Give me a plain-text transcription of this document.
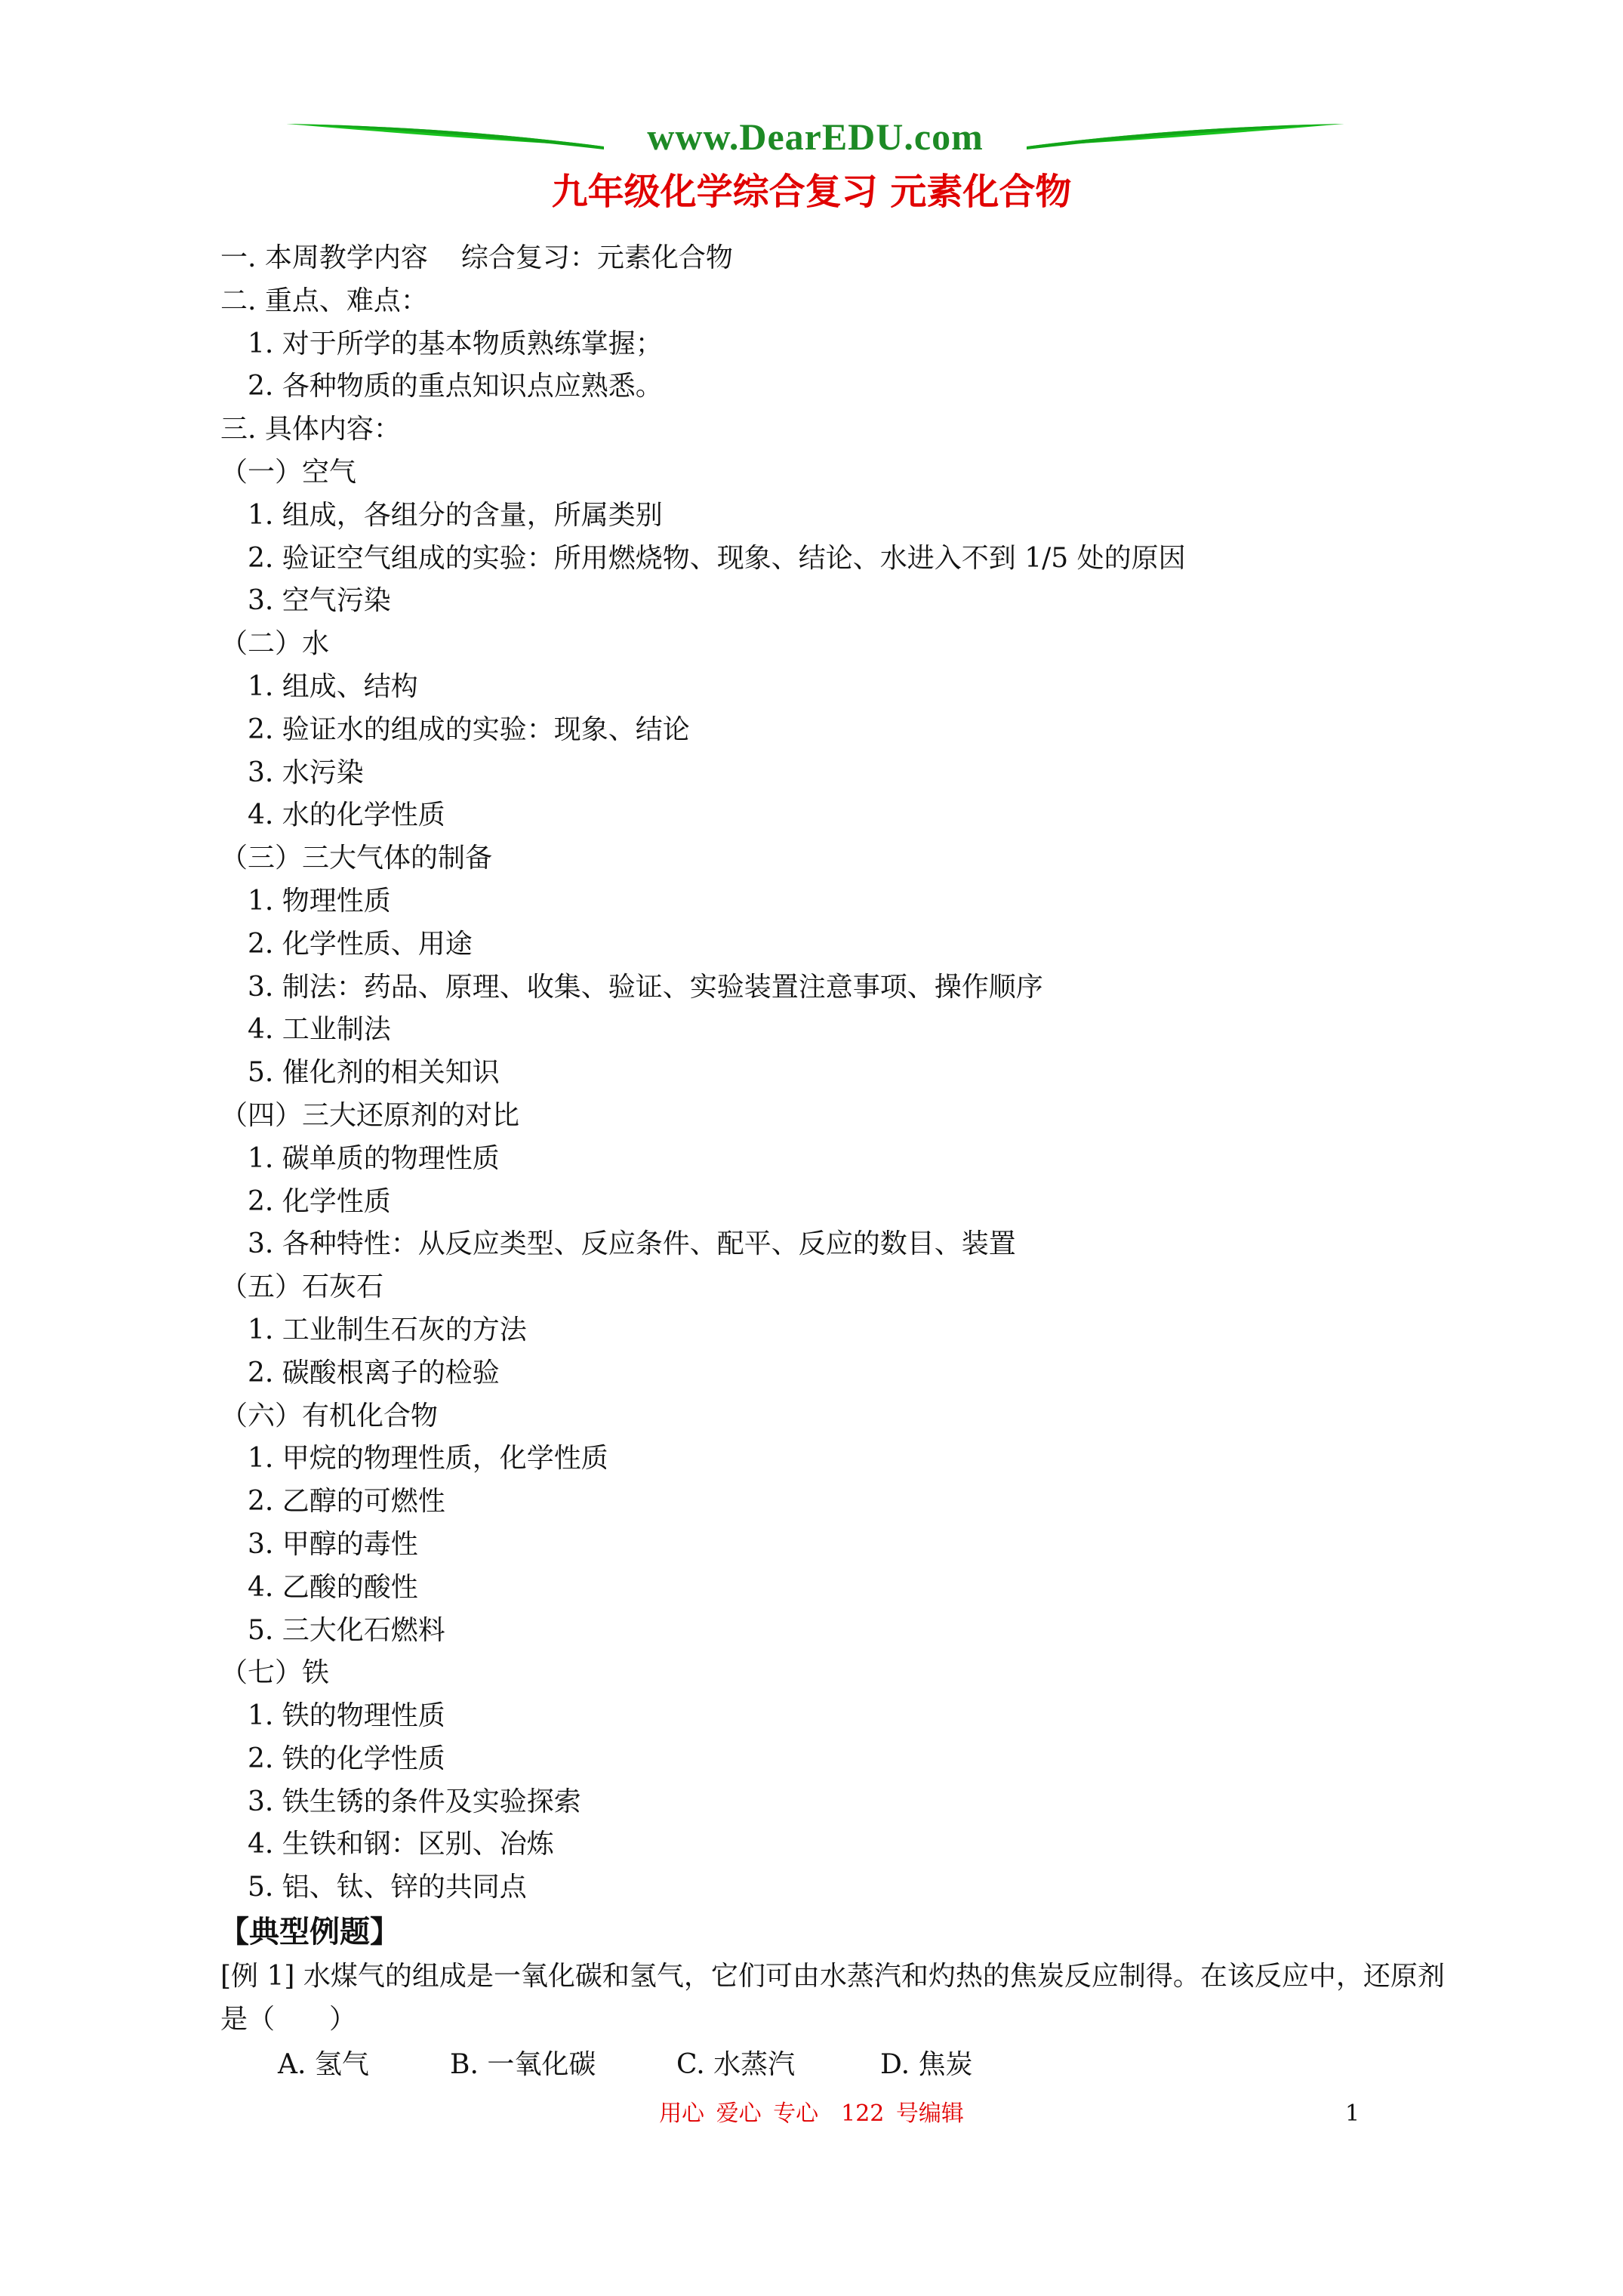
www.DearEDU.com
九年级化学综合复习 元素化合物
一. 本周教学内容 综合复习：元素化合物
二. 重点、难点：
1. 对于所学的基本物质熟练掌握；
2. 各种物质的重点知识点应熟悉。
三. 具体内容：
（一）空气
1. 组成，各组分的含量，所属类别
2. 验证空气组成的实验：所用燃烧物、现象、结论、水进入不到 1/5 处的原因
3. 空气污染
（二）水
1. 组成、结构
2. 验证水的组成的实验：现象、结论
3. 水污染
4. 水的化学性质
（三）三大气体的制备
1. 物理性质
2. 化学性质、用途
3. 制法：药品、原理、收集、验证、实验装置注意事项、操作顺序
4. 工业制法
5. 催化剂的相关知识
（四）三大还原剂的对比
1. 碳单质的物理性质
2. 化学性质
3. 各种特性：从反应类型、反应条件、配平、反应的数目、装置
（五）石灰石
1. 工业制生石灰的方法
2. 碳酸根离子的检验
（六）有机化合物
1. 甲烷的物理性质，化学性质
2. 乙醇的可燃性
3. 甲醇的毒性
4. 乙酸的酸性
5. 三大化石燃料
（七）铁
1. 铁的物理性质
2. 铁的化学性质
3. 铁生锈的条件及实验探索
4. 生铁和钢：区别、冶炼
5. 铝、钛、锌的共同点
【典型例题】
[例 1] 水煤气的组成是一氧化碳和氢气，它们可由水蒸汽和灼热的焦炭反应制得。在该反应中，还原剂是（　　）
A. 氢气	B. 一氧化碳	C. 水蒸汽	D. 焦炭
用心 爱心 专心　122 号编辑	1
